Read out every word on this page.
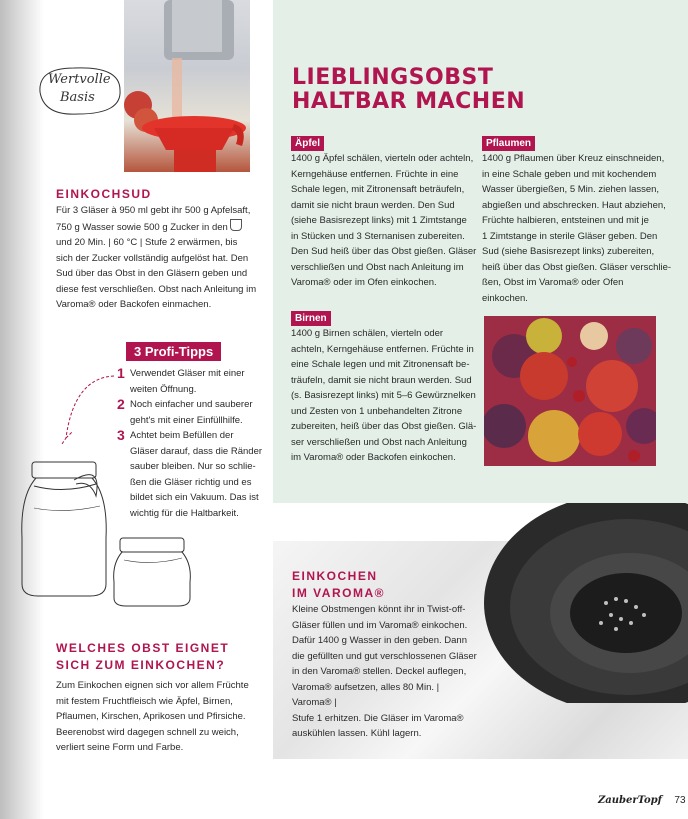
Wertvolle
Basis
LIEBLINGSOBST
HALTBAR MACHEN
EINKOCHSUD
Für 3 Gläser à 950 ml gebt ihr 500 g Apfelsaft,
750 g Wasser sowie 500 g Zucker in den
und 20 Min. | 60 °C | Stufe 2 erwärmen, bis
sich der Zucker vollständig aufgelöst hat. Den
Sud über das Obst in den Gläsern geben und
diese fest verschließen. Obst nach Anleitung im
Varoma® oder Backofen einmachen.
3 Profi-Tipps
1 Verwendet Gläser mit einer
weiten Öffnung.
2 Noch einfacher und sauberer
geht's mit einer Einfüllhilfe.
3 Achtet beim Befüllen der
Gläser darauf, dass die Ränder
sauber bleiben. Nur so schlie-
ßen die Gläser richtig und es
bildet sich ein Vakuum. Das ist
wichtig für die Haltbarkeit.
WELCHES OBST EIGNET
SICH ZUM EINKOCHEN?
Zum Einkochen eignen sich vor allem Früchte
mit festem Fruchtfleisch wie Äpfel, Birnen,
Pflaumen, Kirschen, Aprikosen und Pfirsiche.
Beerenobst wird dagegen schnell zu weich,
verliert seine Form und Farbe.
Äpfel
1400 g Äpfel schälen, vierteln oder achteln,
Kerngehäuse entfernen. Früchte in eine
Schale legen, mit Zitronensaft beträufeln,
damit sie nicht braun werden. Den Sud
(siehe Basisrezept links) mit 1 Zimtstange
in Stücken und 3 Sternanisen zubereiten.
Den Sud heiß über das Obst gießen. Gläser
verschließen und Obst nach Anleitung im
Varoma® oder im Ofen einkochen.
Pflaumen
1400 g Pflaumen über Kreuz einschneiden,
in eine Schale geben und mit kochendem
Wasser übergießen, 5 Min. ziehen lassen,
abgießen und abschrecken. Haut abziehen,
Früchte halbieren, entsteinen und mit je
1 Zimtstange in sterile Gläser geben. Den
Sud (siehe Basisrezept links) zubereiten,
heiß über das Obst gießen. Gläser verschlie-
ßen, Obst im Varoma® oder Ofen einkochen.
Birnen
1400 g Birnen schälen, vierteln oder
achteln, Kerngehäuse entfernen. Früchte in
eine Schale legen und mit Zitronensaft be-
träufeln, damit sie nicht braun werden. Sud
(s. Basisrezept links) mit 5–6 Gewürznelken
und Zesten von 1 unbehandelten Zitrone
zubereiten, heiß über das Obst gießen. Glä-
ser verschließen und Obst nach Anleitung
im Varoma® oder Backofen einkochen.
EINKOCHEN
IM VAROMA®
Kleine Obstmengen könnt ihr in Twist-off-
Gläser füllen und im Varoma® einkochen.
Dafür 1400 g Wasser in den geben. Dann
die gefüllten und gut verschlossenen Gläser
in den Varoma® stellen. Deckel auflegen,
Varoma® aufsetzen, alles 80 Min. | Varoma® |
Stufe 1 erhitzen. Die Gläser im Varoma®
auskühlen lassen. Kühl lagern.
ZauberTopf 73
